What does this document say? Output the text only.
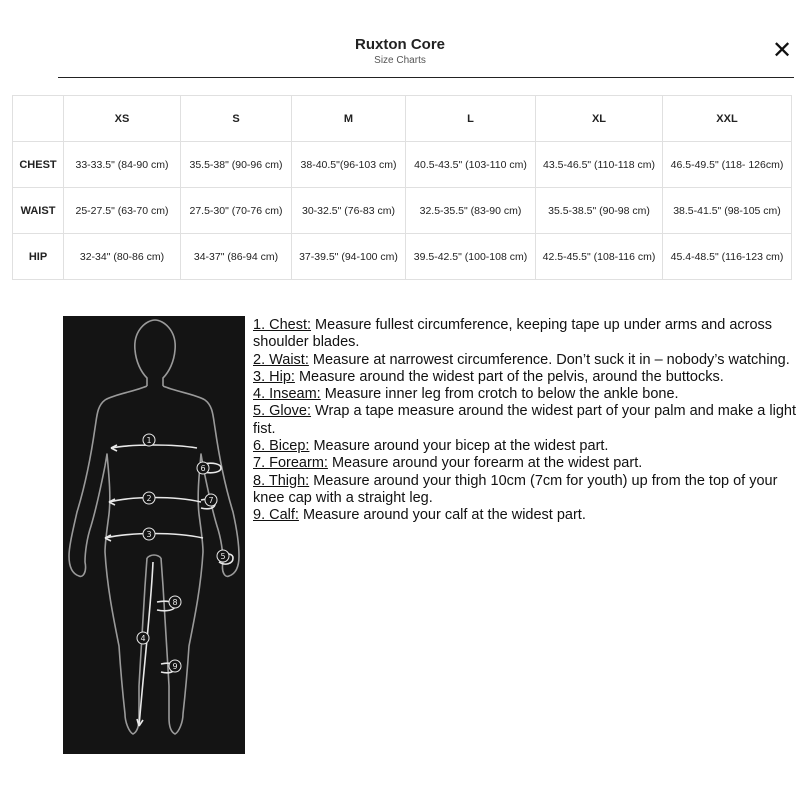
Ruxton Core
Size Charts	✕
	XS	S	M	L	XL	XXL
CHEST	33-33.5" (84-90 cm)	35.5-38" (90-96 cm)	38-40.5"(96-103 cm)	40.5-43.5" (103-110 cm)	43.5-46.5" (110-118 cm)	46.5-49.5" (118- 126cm)
WAIST	25-27.5" (63-70 cm)	27.5-30" (70-76 cm)	30-32.5" (76-83 cm)	32.5-35.5" (83-90 cm)	35.5-38.5" (90-98 cm)	38.5-41.5" (98-105 cm)
HIP	32-34" (80-86 cm)	34-37" (86-94 cm)	37-39.5" (94-100 cm)	39.5-42.5" (100-108 cm)	42.5-45.5" (108-116 cm)	45.4-48.5" (116-123 cm)
1
2
3
4
5
6
7
8
9

1. Chest: Measure fullest circumference, keeping tape up under arms and across shoulder blades.

2. Waist: Measure at narrowest circumference. Don’t suck it in – nobody’s watching.

3. Hip: Measure around the widest part of the pelvis, around the buttocks.

4. Inseam: Measure inner leg from crotch to below the ankle bone.

5. Glove: Wrap a tape measure around the widest part of your palm and make a light fist.

6. Bicep: Measure around your bicep at the widest part.

7. Forearm: Measure around your forearm at the widest part.

8. Thigh: Measure around your thigh 10cm (7cm for youth) up from the top of your knee cap with a straight leg.

9. Calf: Measure around your calf at the widest part.
